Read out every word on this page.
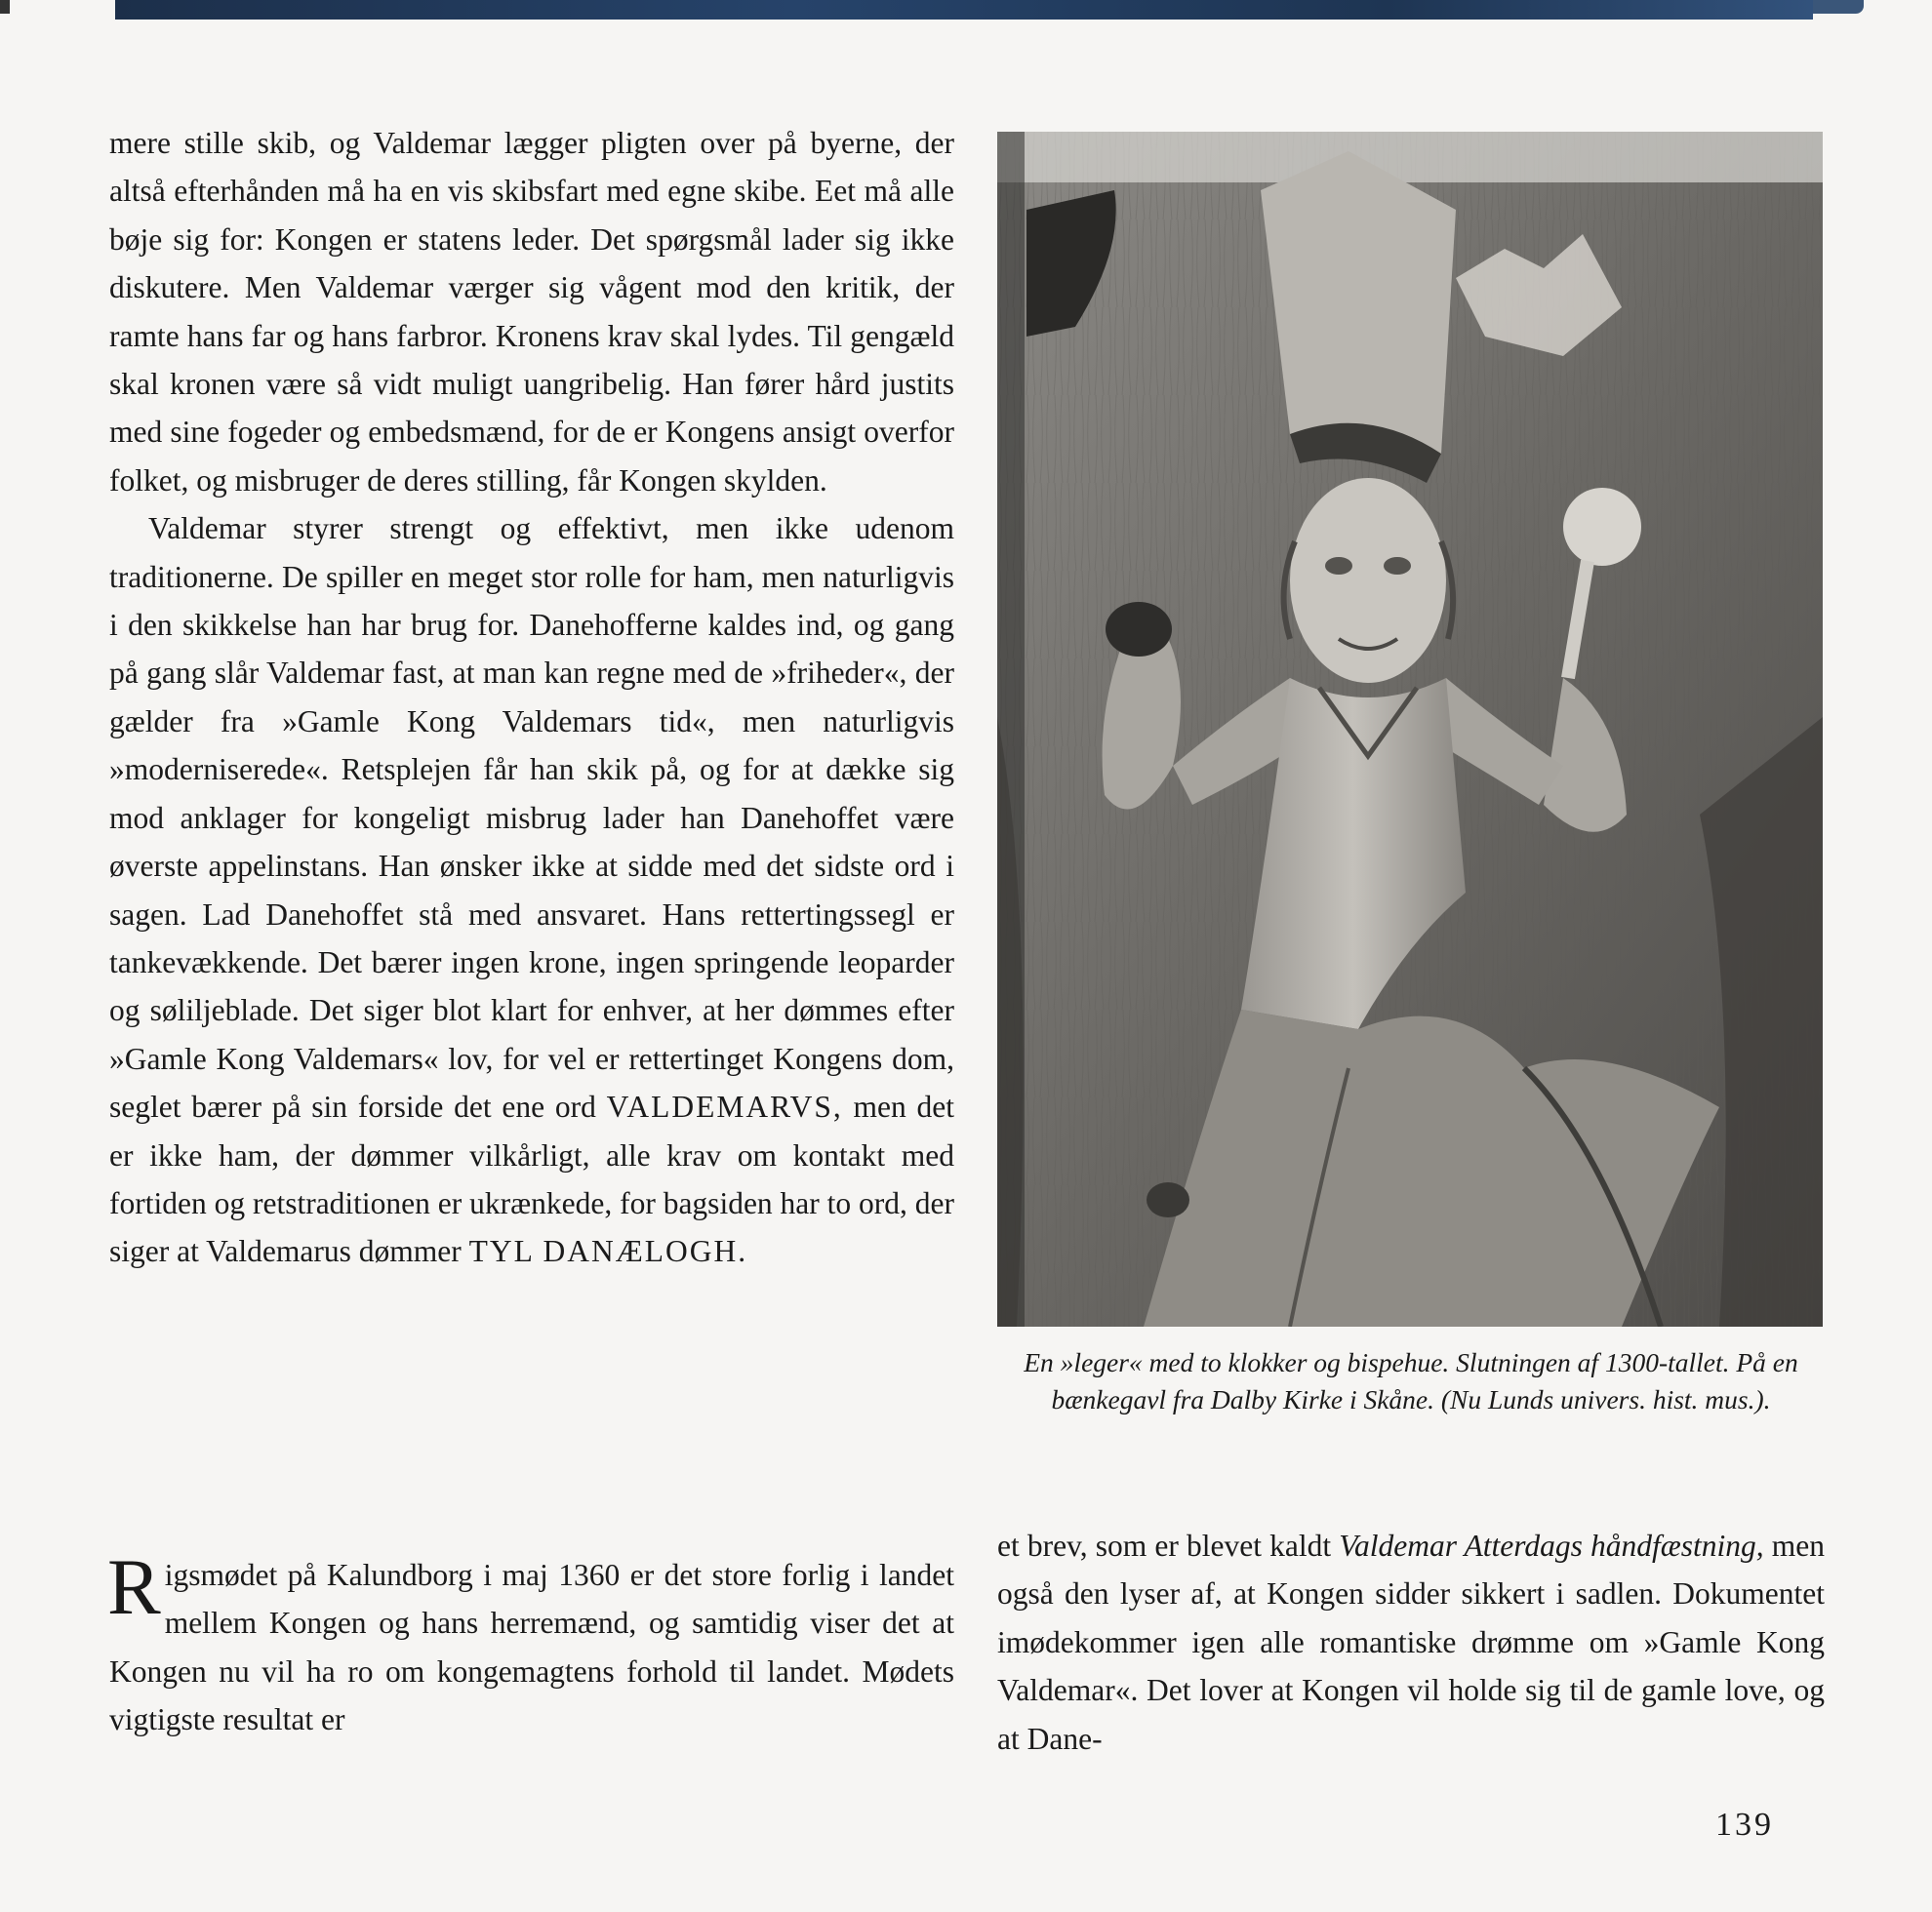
mere stille skib, og Valdemar lægger pligten over på byerne, der altså efterhånden må ha en vis skibsfart med egne skibe. Eet må alle bøje sig for: Kongen er statens leder. Det spørgsmål lader sig ikke diskutere. Men Valdemar værger sig vågent mod den kritik, der ramte hans far og hans farbror. Kronens krav skal lydes. Til gengæld skal kronen være så vidt muligt uangribelig. Han fører hård justits med sine fogeder og embedsmænd, for de er Kongens ansigt overfor folket, og misbruger de deres stilling, får Kongen skylden.

Valdemar styrer strengt og effektivt, men ikke udenom traditionerne. De spiller en meget stor rolle for ham, men naturligvis i den skikkelse han har brug for. Danehofferne kaldes ind, og gang på gang slår Valdemar fast, at man kan regne med de »friheder«, der gælder fra »Gamle Kong Valdemars tid«, men naturligvis »moderniserede«. Retsplejen får han skik på, og for at dække sig mod anklager for kongeligt misbrug lader han Danehoffet være øverste appelinstans. Han ønsker ikke at sidde med det sidste ord i sagen. Lad Danehoffet stå med ansvaret. Hans rettertingssegl er tankevækkende. Det bærer ingen krone, ingen springende leoparder og søliljeblade. Det siger blot klart for enhver, at her dømmes efter »Gamle Kong Valdemars« lov, for vel er rettertinget Kongens dom, seglet bærer på sin forside det ene ord VALDEMARVS, men det er ikke ham, der dømmer vilkårligt, alle krav om kontakt med fortiden og retstraditionen er ukrænkede, for bagsiden har to ord, der siger at Valdemarus dømmer TYL DANÆLOGH.

Rigsmødet på Kalundborg i maj 1360 er det store forlig i landet mellem Kongen og hans herremænd, og samtidig viser det at Kongen nu vil ha ro om kongemagtens forhold til landet. Mødets vigtigste resultat er

En »leger« med to klokker og bispehue. Slutningen af 1300-tallet. På en bænkegavl fra Dalby Kirke i Skåne. (Nu Lunds univers. hist. mus.).

et brev, som er blevet kaldt Valdemar Atterdags håndfæstning, men også den lyser af, at Kongen sidder sikkert i sadlen. Dokumentet imødekommer igen alle romantiske drømme om »Gamle Kong Valdemar«. Det lover at Kongen vil holde sig til de gamle love, og at Dane-

139
